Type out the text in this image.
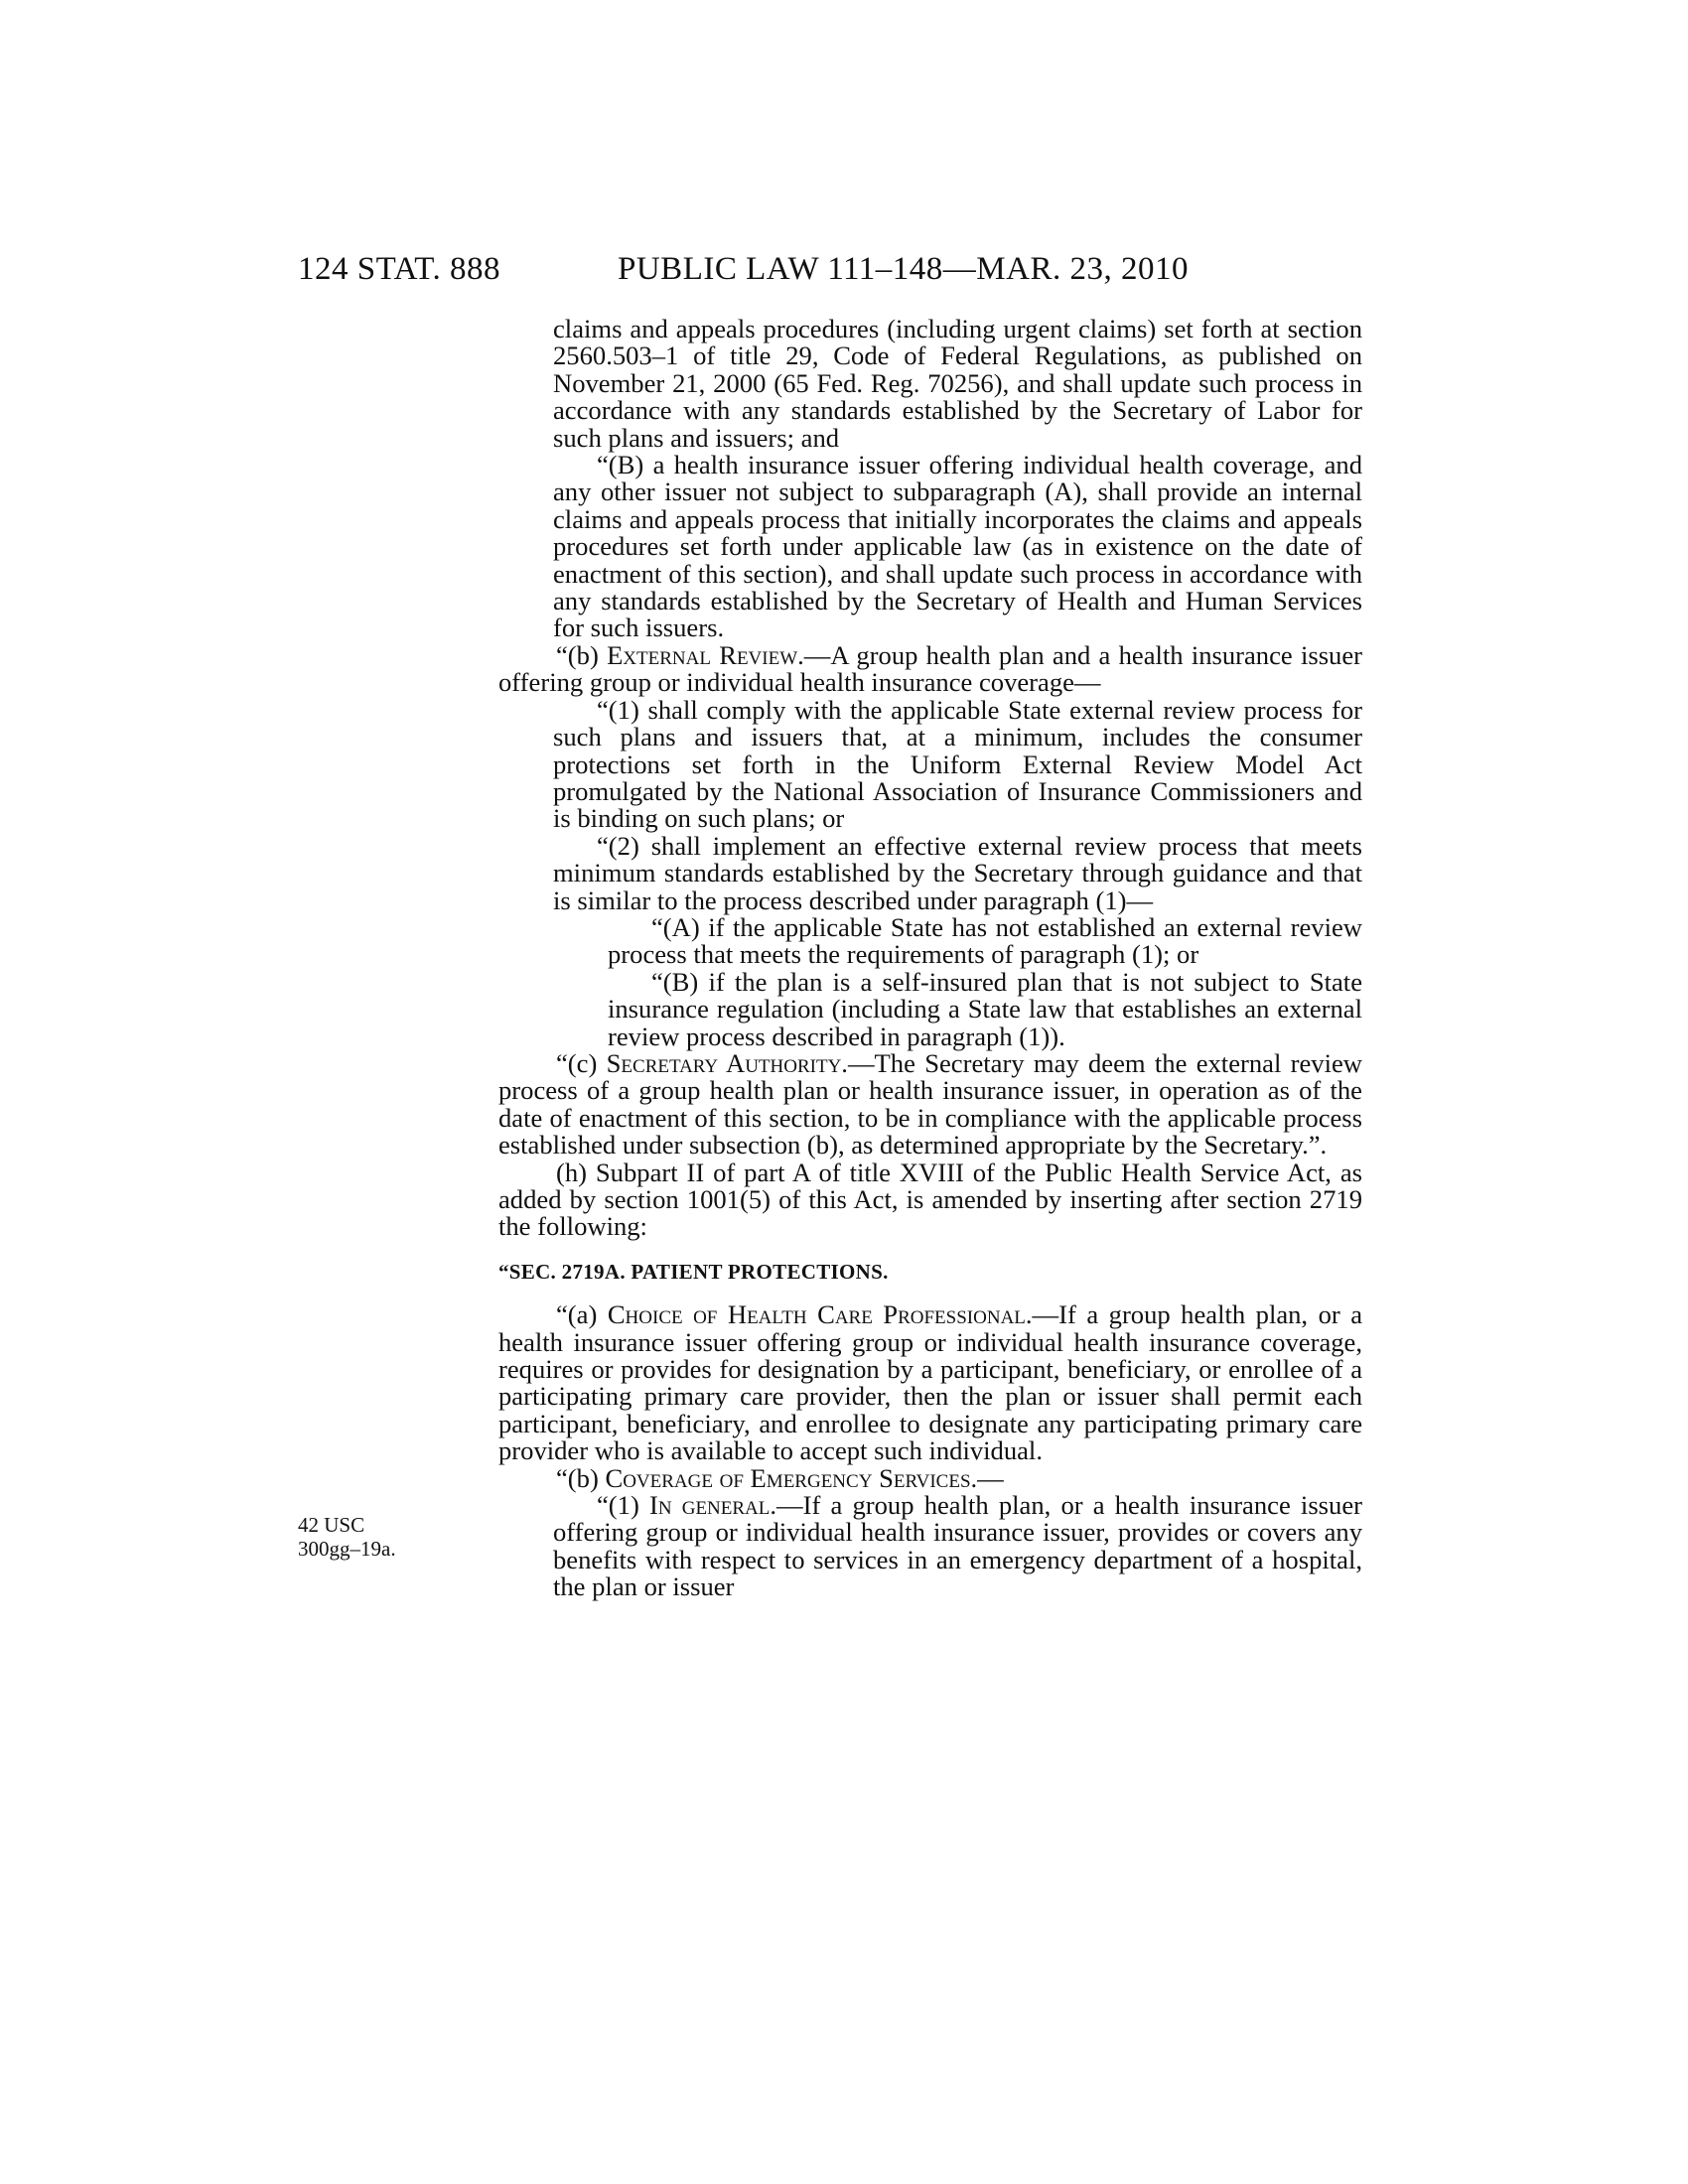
124 STAT. 888	PUBLIC LAW 111–148—MAR. 23, 2010

claims and appeals procedures (including urgent claims) set forth at section 2560.503–1 of title 29, Code of Federal Regulations, as published on November 21, 2000 (65 Fed. Reg. 70256), and shall update such process in accordance with any standards established by the Secretary of Labor for such plans and issuers; and

“(B) a health insurance issuer offering individual health coverage, and any other issuer not subject to subparagraph (A), shall provide an internal claims and appeals process that initially incorporates the claims and appeals procedures set forth under applicable law (as in existence on the date of enactment of this section), and shall update such process in accordance with any standards established by the Secretary of Health and Human Services for such issuers.

“(b) External Review.—A group health plan and a health insurance issuer offering group or individual health insurance coverage—

“(1) shall comply with the applicable State external review process for such plans and issuers that, at a minimum, includes the consumer protections set forth in the Uniform External Review Model Act promulgated by the National Association of Insurance Commissioners and is binding on such plans; or

“(2) shall implement an effective external review process that meets minimum standards established by the Secretary through guidance and that is similar to the process described under paragraph (1)—

“(A) if the applicable State has not established an external review process that meets the requirements of paragraph (1); or

“(B) if the plan is a self-insured plan that is not subject to State insurance regulation (including a State law that establishes an external review process described in paragraph (1)).

“(c) Secretary Authority.—The Secretary may deem the external review process of a group health plan or health insurance issuer, in operation as of the date of enactment of this section, to be in compliance with the applicable process established under subsection (b), as determined appropriate by the Secretary.”.

(h) Subpart II of part A of title XVIII of the Public Health Service Act, as added by section 1001(5) of this Act, is amended by inserting after section 2719 the following:

“SEC. 2719A. PATIENT PROTECTIONS.

“(a) Choice of Health Care Professional.—If a group health plan, or a health insurance issuer offering group or individual health insurance coverage, requires or provides for designation by a participant, beneficiary, or enrollee of a participating primary care provider, then the plan or issuer shall permit each participant, beneficiary, and enrollee to designate any participating primary care provider who is available to accept such individual.

“(b) Coverage of Emergency Services.—

“(1) In general.—If a group health plan, or a health insurance issuer offering group or individual health insurance issuer, provides or covers any benefits with respect to services in an emergency department of a hospital, the plan or issuer

42 USC
300gg–19a.
